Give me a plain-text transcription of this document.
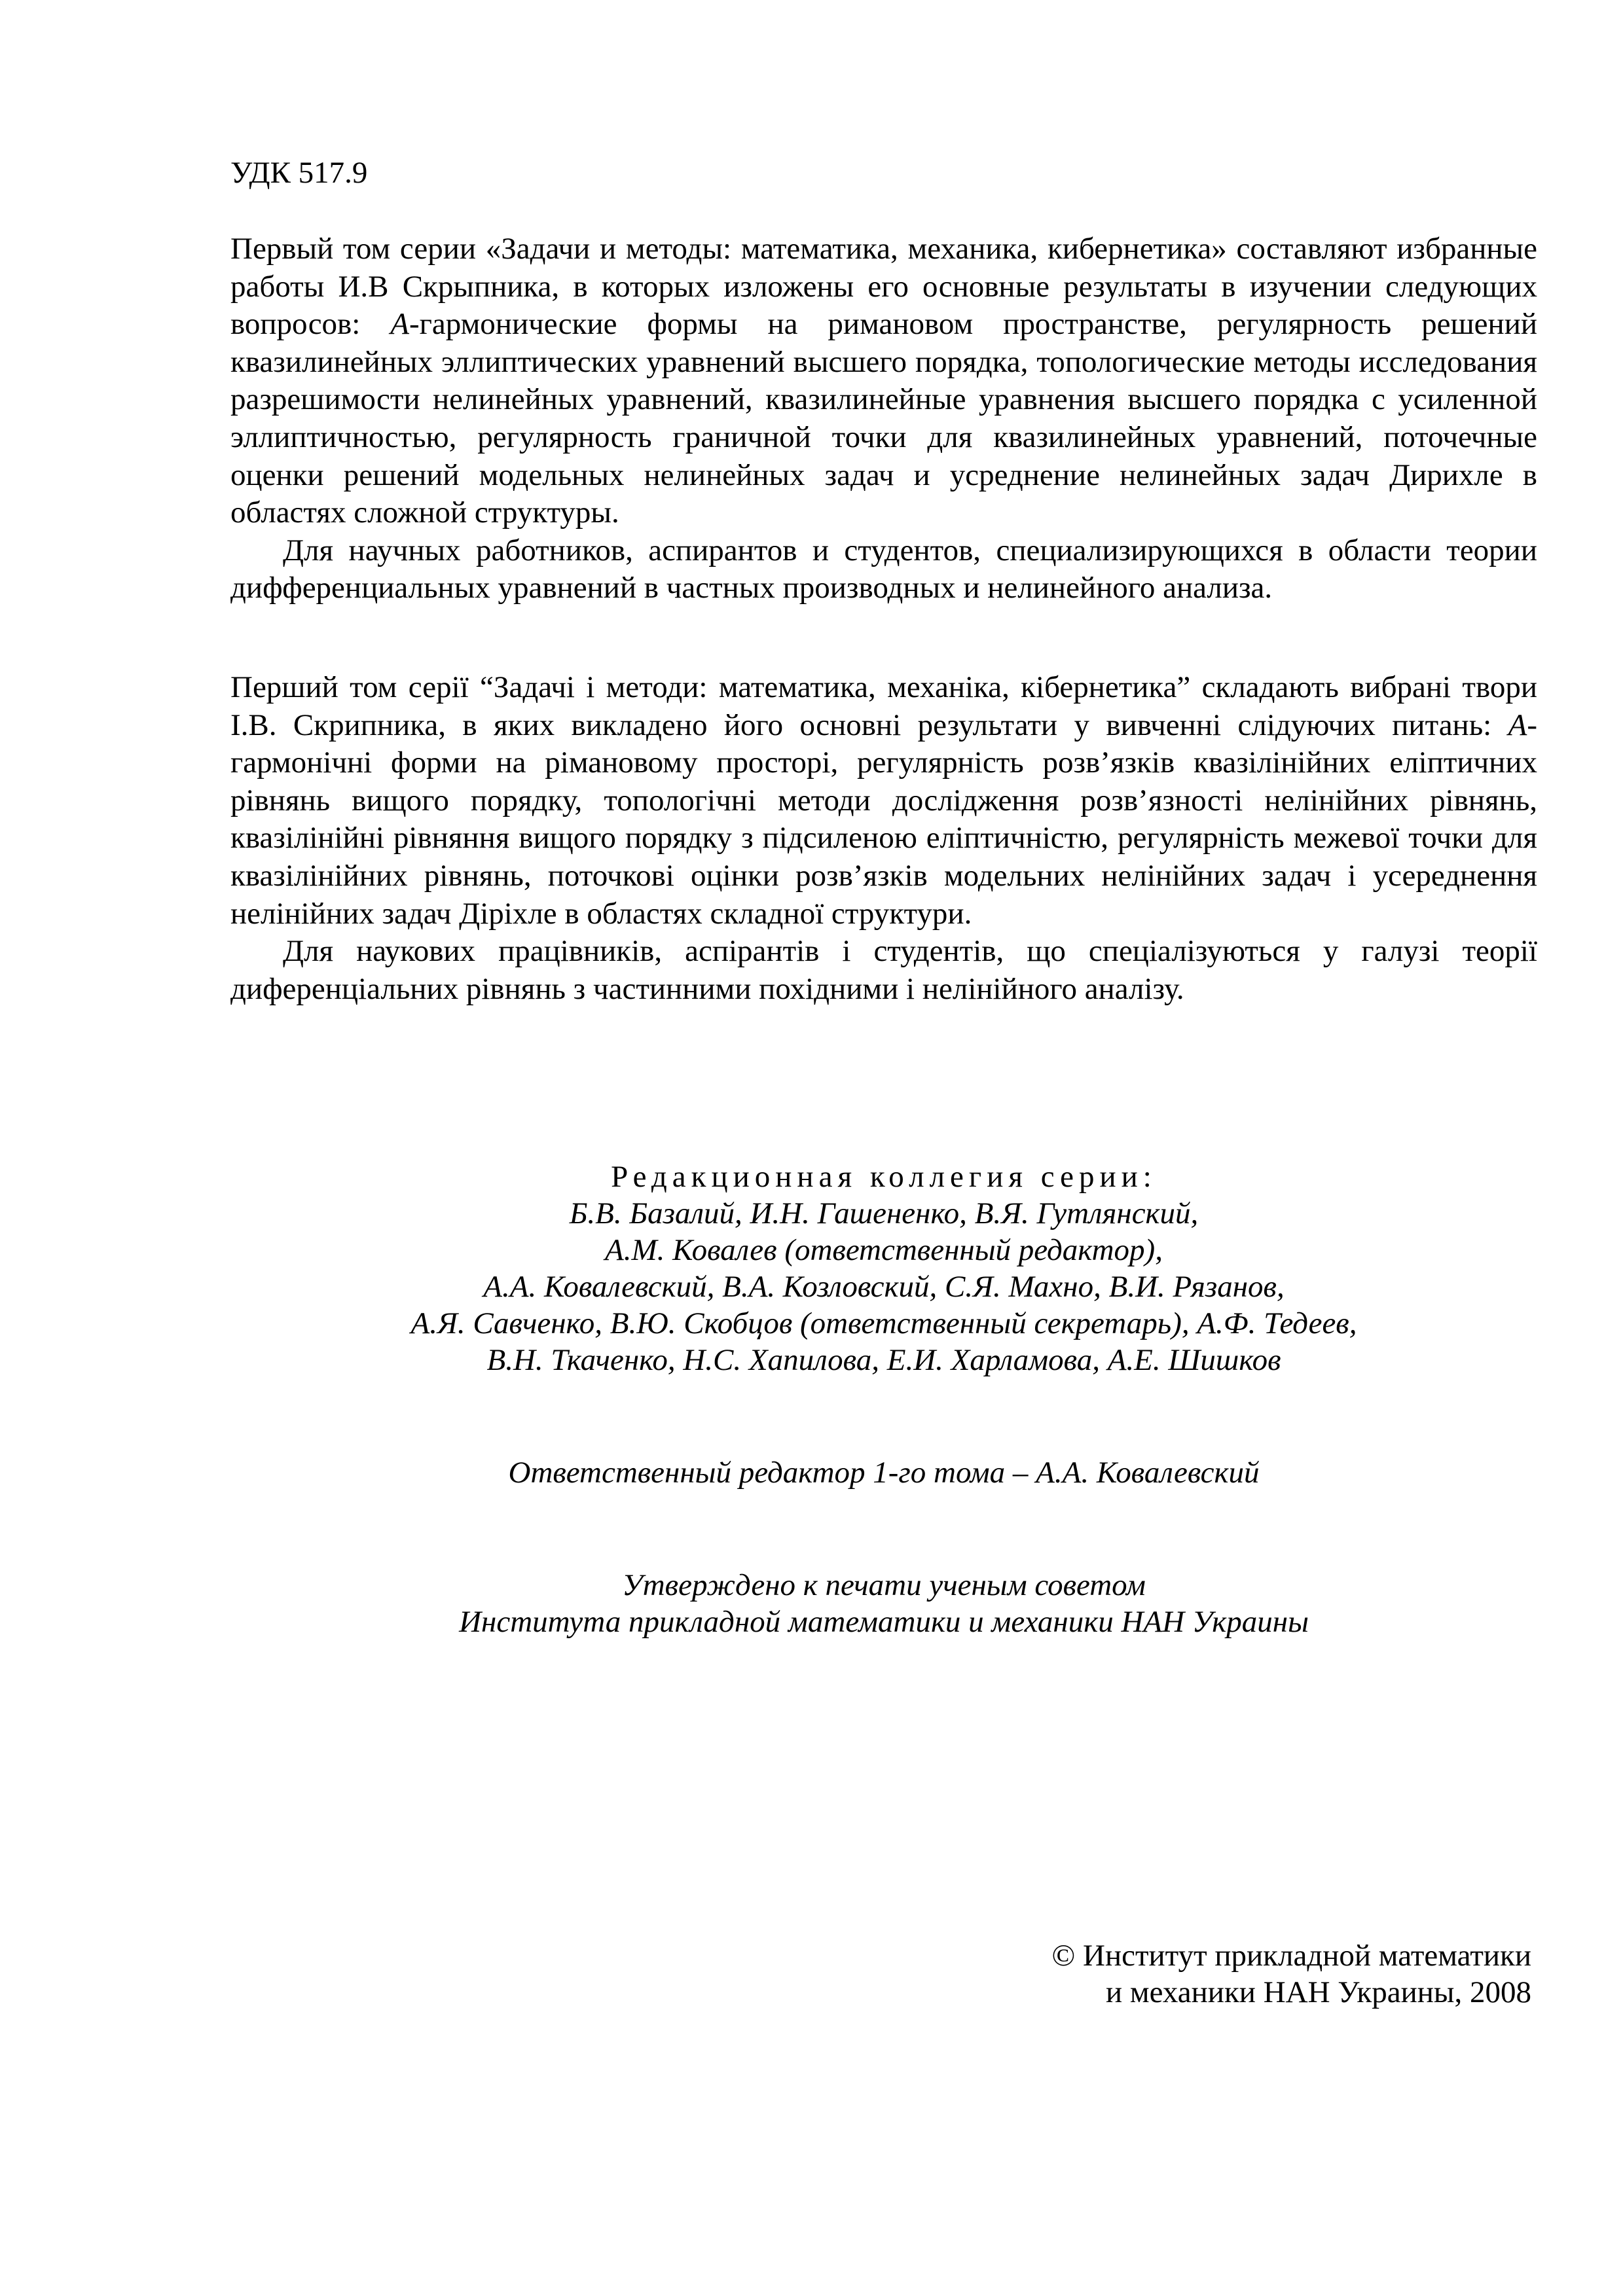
УДК 517.9

Первый том серии «Задачи и методы: математика, механика, кибернетика» составляют избранные работы И.В Скрыпника, в которых изложены его основные результаты в изучении следующих вопросов: A-гармонические формы на римановом пространстве, регулярность решений квазилинейных эллиптических уравнений высшего порядка, топологические методы исследования разрешимости нелинейных уравнений, квазилинейные уравнения высшего порядка с усиленной эллиптичностью, регулярность граничной точки для квазилинейных уравнений, поточечные оценки решений модельных нелинейных задач и усреднение нелинейных задач Дирихле в областях сложной структуры.

Для научных работников, аспирантов и студентов, специализирующихся в области теории дифференциальных уравнений в частных производных и нелинейного анализа.

Перший том серії “Задачі і методи: математика, механіка, кібернетика” складають вибрані твори І.В. Скрипника, в яких викладено його основні результати у вивченні слідуючих питань: A-гармонічні форми на рімановому просторі, регулярність розв’язків квазілінійних еліптичних рівнянь вищого порядку, топологічні методи дослідження розв’язності нелінійних рівнянь, квазілінійні рівняння вищого порядку з підсиленою еліптичністю, регулярність межевої точки для квазілінійних рівнянь, поточкові оцінки розв’язків модельних нелінійних задач і усереднення нелінійних задач Діріхле в областях складної структури.

Для наукових працівників, аспірантів і студентів, що спеціалізуються у галузі теорії диференціальних рівнянь з частинними похідними і нелінійного аналізу.

Редакционная коллегия серии:
Б.В. Базалий, И.Н. Гашененко, В.Я. Гутлянский,
А.М. Ковалев (ответственный редактор),
А.А. Ковалевский, В.А. Козловский, С.Я. Махно, В.И. Рязанов,
А.Я. Савченко, В.Ю. Скобцов (ответственный секретарь), А.Ф. Тедеев,
В.Н. Ткаченко, Н.С. Хапилова, Е.И. Харламова, А.Е. Шишков
Ответственный редактор 1-го тома – А.А. Ковалевский
Утверждено к печати ученым советом
Института прикладной математики и механики НАН Украины
© Институт прикладной математики
и механики НАН Украины, 2008
